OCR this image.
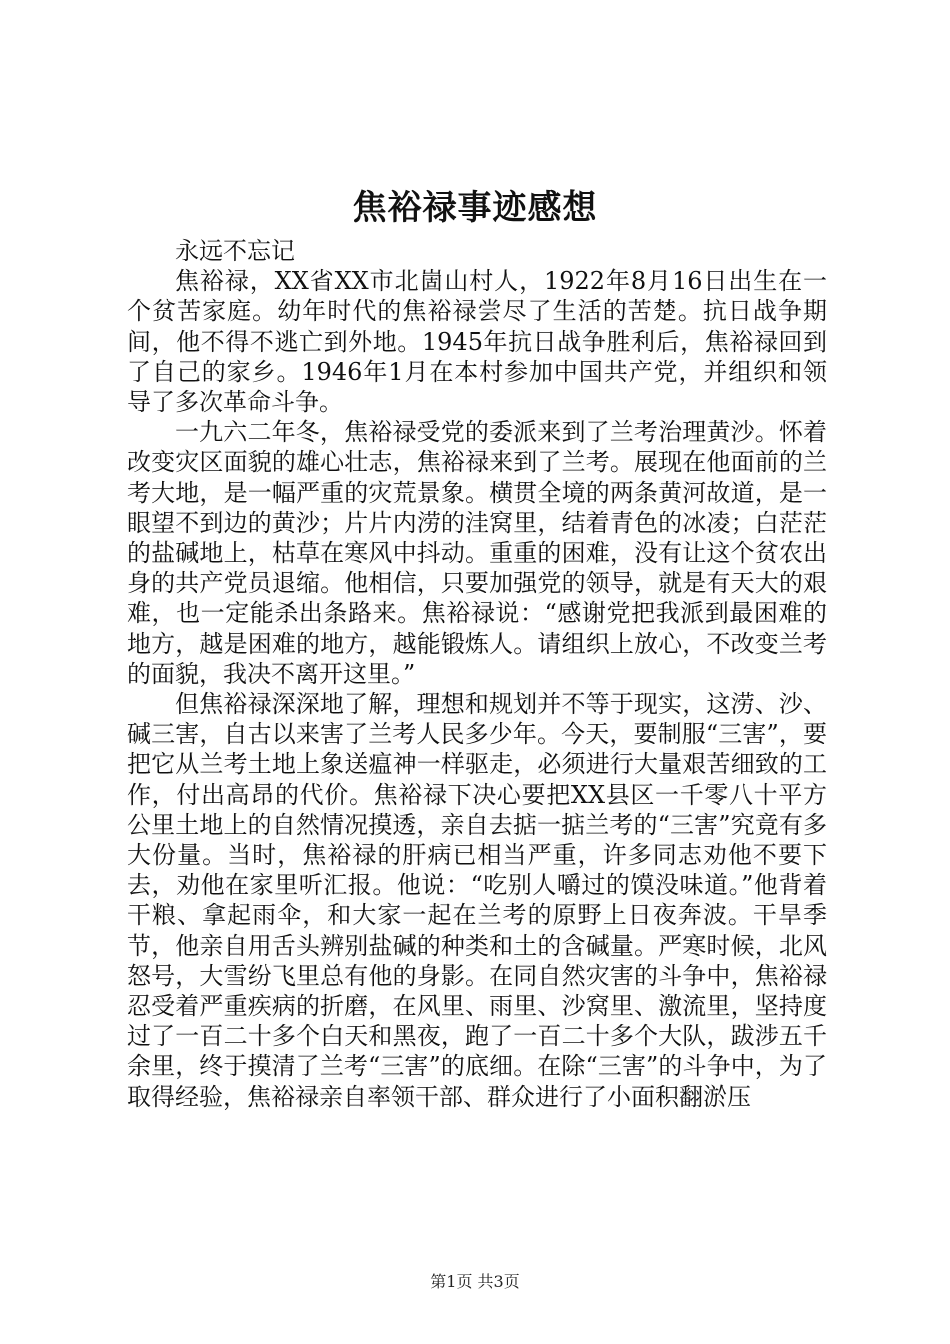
焦裕禄事迹感想

永远不忘记

焦裕禄，XX省XX市北崮山村人，1922年8月16日出生在一个贫苦家庭。幼年时代的焦裕禄尝尽了生活的苦楚。抗日战争期间，他不得不逃亡到外地。1945年抗日战争胜利后，焦裕禄回到了自己的家乡。1946年1月在本村参加中国共产党，并组织和领导了多次革命斗争。

一九六二年冬，焦裕禄受党的委派来到了兰考治理黄沙。怀着改变灾区面貌的雄心壮志，焦裕禄来到了兰考。展现在他面前的兰考大地，是一幅严重的灾荒景象。横贯全境的两条黄河故道，是一眼望不到边的黄沙；片片内涝的洼窝里，结着青色的冰凌；白茫茫的盐碱地上，枯草在寒风中抖动。重重的困难，没有让这个贫农出身的共产党员退缩。他相信，只要加强党的领导，就是有天大的艰难，也一定能杀出条路来。焦裕禄说：“感谢党把我派到最困难的地方，越是困难的地方，越能锻炼人。请组织上放心，不改变兰考的面貌，我决不离开这里。”

但焦裕禄深深地了解，理想和规划并不等于现实，这涝、沙、碱三害，自古以来害了兰考人民多少年。今天，要制服“三害”，要把它从兰考土地上象送瘟神一样驱走，必须进行大量艰苦细致的工作，付出高昂的代价。焦裕禄下决心要把XX县区一千零八十平方公里土地上的自然情况摸透，亲自去掂一掂兰考的“三害”究竟有多大份量。当时，焦裕禄的肝病已相当严重，许多同志劝他不要下去，劝他在家里听汇报。他说：“吃别人嚼过的馍没味道。”他背着干粮、拿起雨伞，和大家一起在兰考的原野上日夜奔波。干旱季节，他亲自用舌头辨别盐碱的种类和土的含碱量。严寒时候，北风怒号，大雪纷飞里总有他的身影。在同自然灾害的斗争中，焦裕禄忍受着严重疾病的折磨，在风里、雨里、沙窝里、激流里，坚持度过了一百二十多个白天和黑夜，跑了一百二十多个大队，跋涉五千余里，终于摸清了兰考“三害”的底细。在除“三害”的斗争中，为了取得经验，焦裕禄亲自率领干部、群众进行了小面积翻淤压

第1页 共3页
